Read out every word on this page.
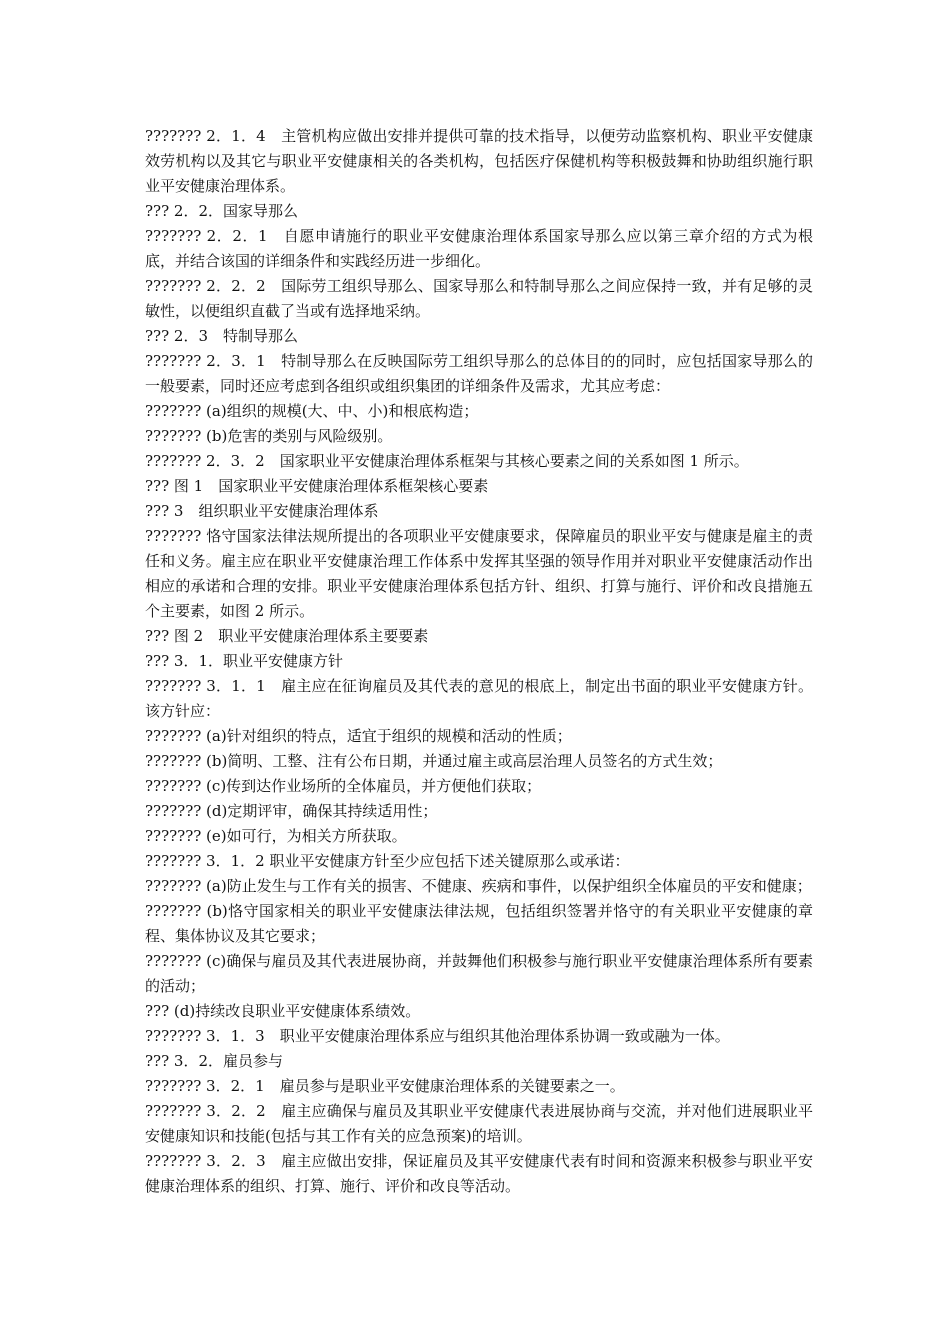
??????? 2．1．4　主管机构应做出安排并提供可靠的技术指导，以便劳动监察机构、职业平安健康效劳机构以及其它与职业平安健康相关的各类机构，包括医疗保健机构等积极鼓舞和协助组织施行职业平安健康治理体系。

??? 2．2．国家导那么

??????? 2．2．1　自愿申请施行的职业平安健康治理体系国家导那么应以第三章介绍的方式为根底，并结合该国的详细条件和实践经历进一步细化。

??????? 2．2．2　国际劳工组织导那么、国家导那么和特制导那么之间应保持一致，并有足够的灵敏性，以便组织直截了当或有选择地采纳。

??? 2．3　特制导那么

??????? 2．3．1　特制导那么在反映国际劳工组织导那么的总体目的的同时，应包括国家导那么的一般要素，同时还应考虑到各组织或组织集团的详细条件及需求，尤其应考虑：

??????? (a)组织的规模(大、中、小)和根底构造；

??????? (b)危害的类别与风险级别。

??????? 2．3．2　国家职业平安健康治理体系框架与其核心要素之间的关系如图 1 所示。

??? 图 1　国家职业平安健康治理体系框架核心要素

??? 3　组织职业平安健康治理体系

??????? 恪守国家法律法规所提出的各项职业平安健康要求，保障雇员的职业平安与健康是雇主的责任和义务。雇主应在职业平安健康治理工作体系中发挥其坚强的领导作用并对职业平安健康活动作出相应的承诺和合理的安排。职业平安健康治理体系包括方针、组织、打算与施行、评价和改良措施五个主要素，如图 2 所示。

??? 图 2　职业平安健康治理体系主要要素

??? 3．1．职业平安健康方针

??????? 3．1．1　雇主应在征询雇员及其代表的意见的根底上，制定出书面的职业平安健康方针。该方针应：

??????? (a)针对组织的特点，适宜于组织的规模和活动的性质；

??????? (b)简明、工整、注有公布日期，并通过雇主或高层治理人员签名的方式生效；

??????? (c)传到达作业场所的全体雇员，并方便他们获取；

??????? (d)定期评审，确保其持续适用性；

??????? (e)如可行，为相关方所获取。

??????? 3．1．2 职业平安健康方针至少应包括下述关键原那么或承诺：

??????? (a)防止发生与工作有关的损害、不健康、疾病和事件，以保护组织全体雇员的平安和健康；

??????? (b)恪守国家相关的职业平安健康法律法规，包括组织签署并恪守的有关职业平安健康的章程、集体协议及其它要求；

??????? (c)确保与雇员及其代表进展协商，并鼓舞他们积极参与施行职业平安健康治理体系所有要素的活动；

??? (d)持续改良职业平安健康体系绩效。

??????? 3．1．3　职业平安健康治理体系应与组织其他治理体系协调一致或融为一体。

??? 3．2．雇员参与

??????? 3．2．1　雇员参与是职业平安健康治理体系的关键要素之一。

??????? 3．2．2　雇主应确保与雇员及其职业平安健康代表进展协商与交流，并对他们进展职业平安健康知识和技能(包括与其工作有关的应急预案)的培训。

??????? 3．2．3　雇主应做出安排，保证雇员及其平安健康代表有时间和资源来积极参与职业平安健康治理体系的组织、打算、施行、评价和改良等活动。
